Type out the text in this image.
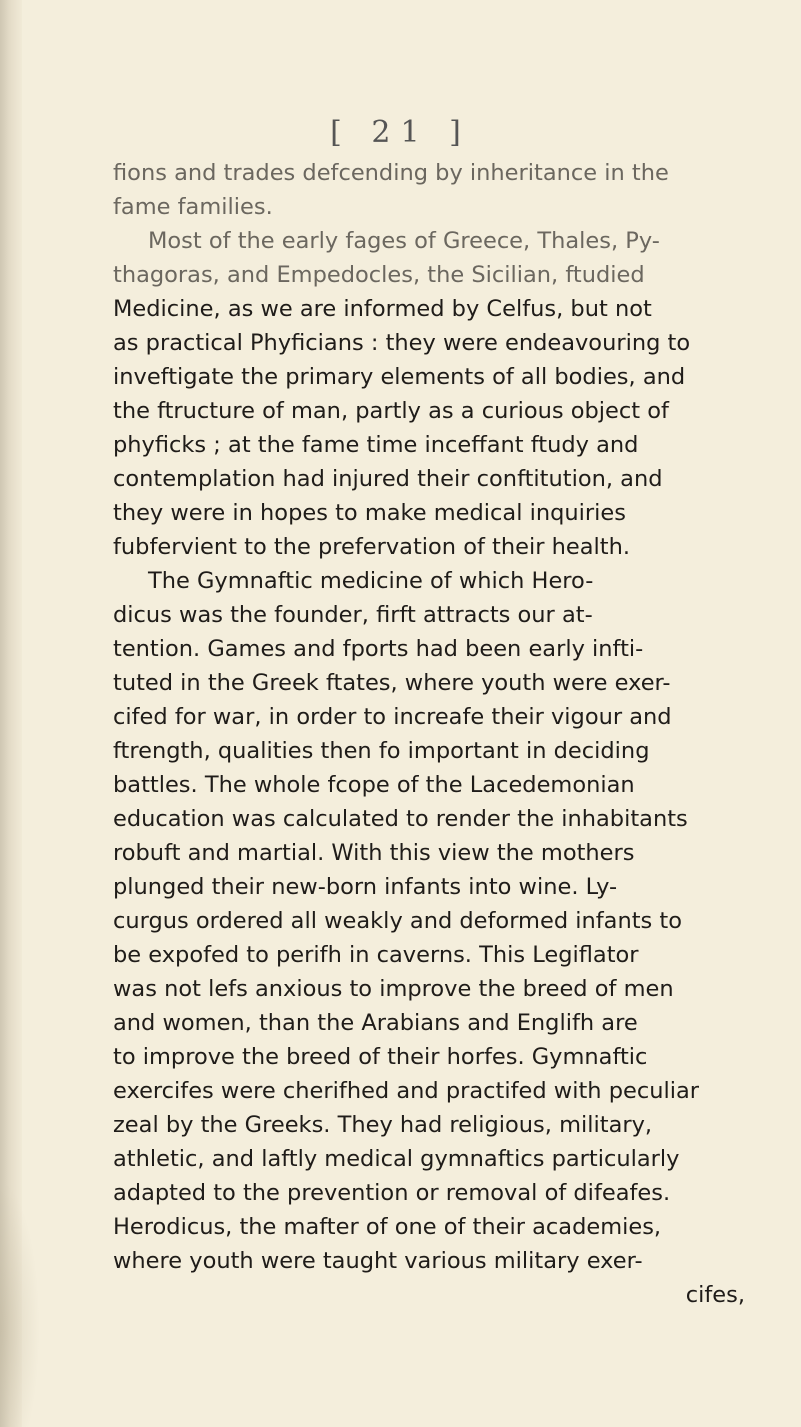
[ 21 ]
fions and trades defcending by inheritance in the
fame families.
Most of the early fages of Greece, Thales, Py-
thagoras, and Empedocles, the Sicilian, ftudied
Medicine, as we are informed by Celfus, but not
as practical Phyficians : they were endeavouring to
inveftigate the primary elements of all bodies, and
the ftructure of man, partly as a curious object of
phyficks ; at the fame time inceffant ftudy and
contemplation had injured their conftitution, and
they were in hopes to make medical inquiries
fubfervient to the prefervation of their health.
The Gymnaftic medicine of which Hero-
dicus was the founder, firft attracts our at-
tention. Games and fports had been early infti-
tuted in the Greek ftates, where youth were exer-
cifed for war, in order to increafe their vigour and
ftrength, qualities then fo important in deciding
battles. The whole fcope of the Lacedemonian
education was calculated to render the inhabitants
robuft and martial. With this view the mothers
plunged their new-born infants into wine. Ly-
curgus ordered all weakly and deformed infants to
be expofed to perifh in caverns. This Legiflator
was not lefs anxious to improve the breed of men
and women, than the Arabians and Englifh are
to improve the breed of their horfes. Gymnaftic
exercifes were cherifhed and practifed with peculiar
zeal by the Greeks. They had religious, military,
athletic, and laftly medical gymnaftics particularly
adapted to the prevention or removal of difeafes.
Herodicus, the mafter of one of their academies,
where youth were taught various military exer-
cifes,
